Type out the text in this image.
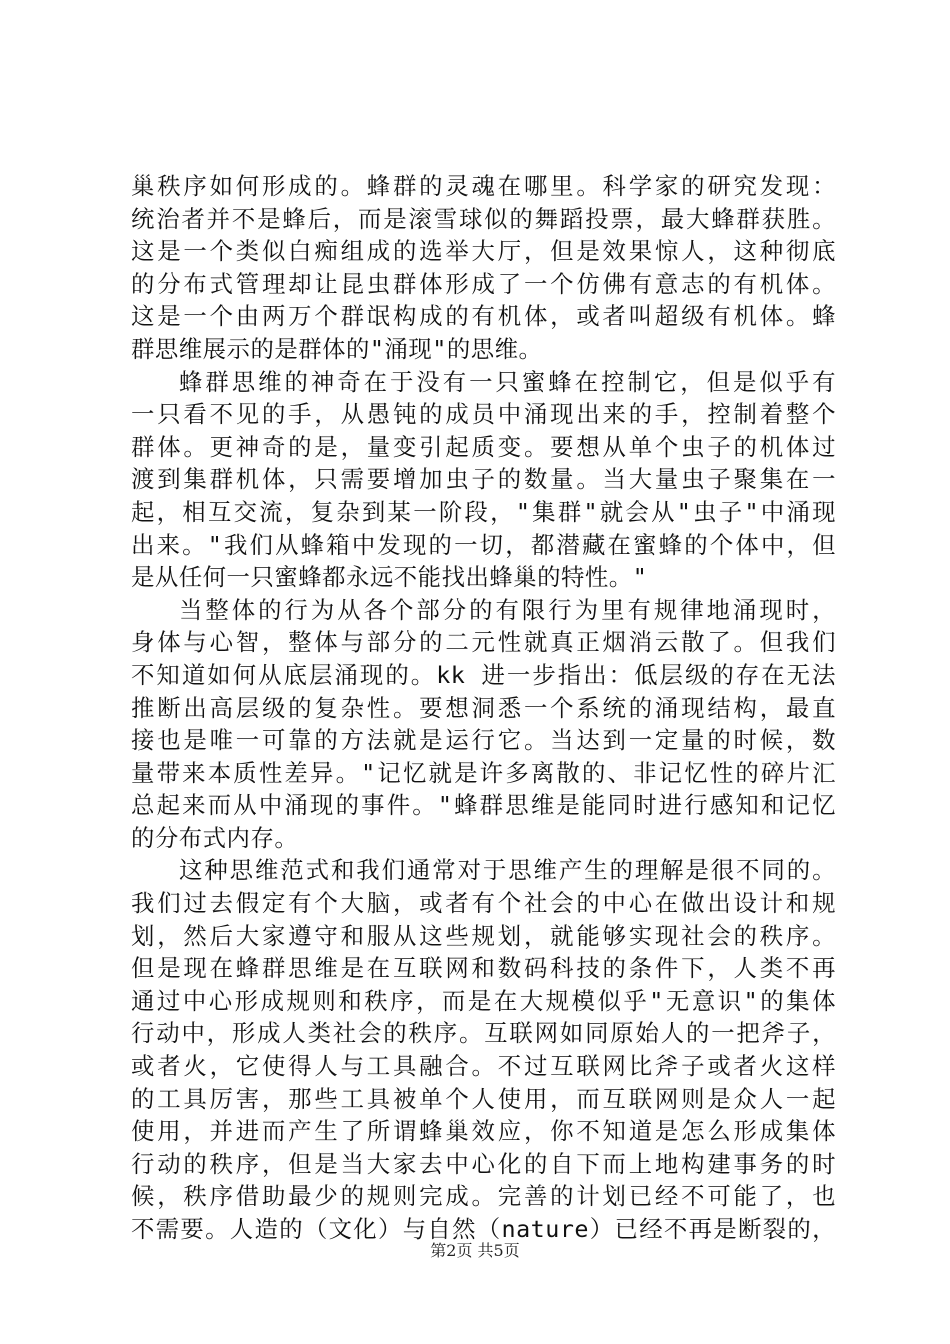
巢秩序如何形成的。蜂群的灵魂在哪里。科学家的研究发现：
统治者并不是蜂后，而是滚雪球似的舞蹈投票，最大蜂群获胜。
这是一个类似白痴组成的选举大厅，但是效果惊人，这种彻底
的分布式管理却让昆虫群体形成了一个仿佛有意志的有机体。
这是一个由两万个群氓构成的有机体，或者叫超级有机体。蜂
群思维展示的是群体的"涌现"的思维。
蜂群思维的神奇在于没有一只蜜蜂在控制它，但是似乎有
一只看不见的手，从愚钝的成员中涌现出来的手，控制着整个
群体。更神奇的是，量变引起质变。要想从单个虫子的机体过
渡到集群机体，只需要增加虫子的数量。当大量虫子聚集在一
起，相互交流，复杂到某一阶段，"集群"就会从"虫子"中涌现
出来。"我们从蜂箱中发现的一切，都潜藏在蜜蜂的个体中，但
是从任何一只蜜蜂都永远不能找出蜂巢的特性。"
当整体的行为从各个部分的有限行为里有规律地涌现时，
身体与心智，整体与部分的二元性就真正烟消云散了。但我们
不知道如何从底层涌现的。kk 进一步指出：低层级的存在无法
推断出高层级的复杂性。要想洞悉一个系统的涌现结构，最直
接也是唯一可靠的方法就是运行它。当达到一定量的时候，数
量带来本质性差异。"记忆就是许多离散的、非记忆性的碎片汇
总起来而从中涌现的事件。"蜂群思维是能同时进行感知和记忆
的分布式内存。
这种思维范式和我们通常对于思维产生的理解是很不同的。
我们过去假定有个大脑，或者有个社会的中心在做出设计和规
划，然后大家遵守和服从这些规划，就能够实现社会的秩序。
但是现在蜂群思维是在互联网和数码科技的条件下，人类不再
通过中心形成规则和秩序，而是在大规模似乎"无意识"的集体
行动中，形成人类社会的秩序。互联网如同原始人的一把斧子，
或者火，它使得人与工具融合。不过互联网比斧子或者火这样
的工具厉害，那些工具被单个人使用，而互联网则是众人一起
使用，并进而产生了所谓蜂巢效应，你不知道是怎么形成集体
行动的秩序，但是当大家去中心化的自下而上地构建事务的时
候，秩序借助最少的规则完成。完善的计划已经不可能了，也
不需要。人造的（文化）与自然（nature）已经不再是断裂的，
第2页 共5页
